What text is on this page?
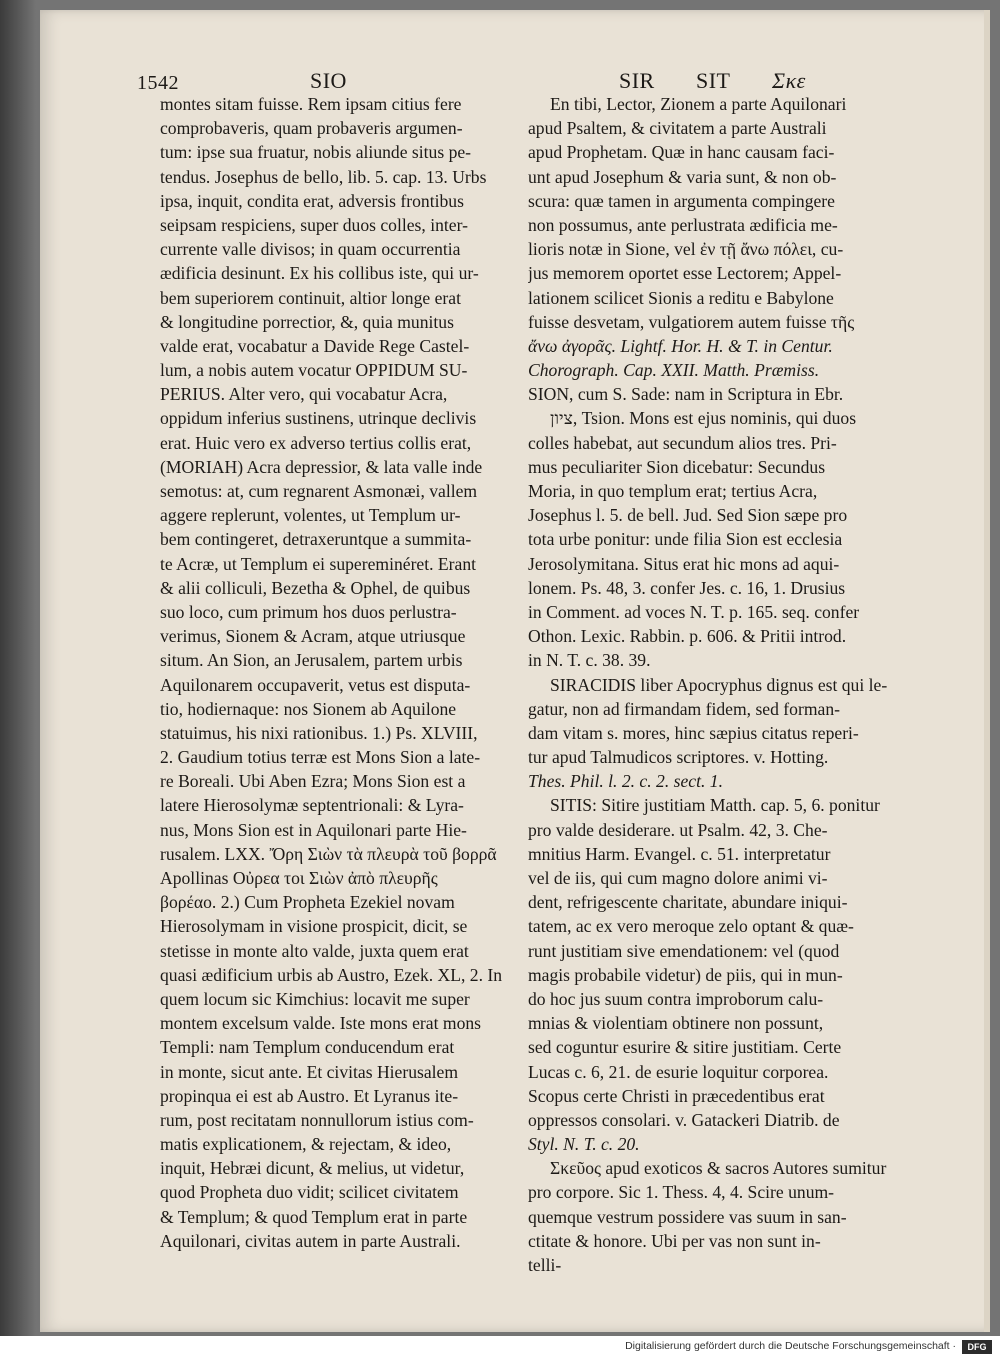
1542	SIO	SIR SIT Σκε
montes sitam fuisse. Rem ipsam citius fere
comprobaveris, quam probaveris argumen-
tum: ipse sua fruatur, nobis aliunde situs pe-
tendus. Josephus de bello, lib. 5. cap. 13. Urbs
ipsa, inquit, condita erat, adversis frontibus
seipsam respiciens, super duos colles, inter-
currente valle divisos; in quam occurrentia
ædificia desinunt. Ex his collibus iste, qui ur-
bem superiorem continuit, altior longe erat
& longitudine porrectior, &, quia munitus
valde erat, vocabatur a Davide Rege Castel-
lum, a nobis autem vocatur OPPIDUM SU-
PERIUS. Alter vero, qui vocabatur Acra,
oppidum inferius sustinens, utrinque declivis
erat. Huic vero ex adverso tertius collis erat,
(MORIAH) Acra depressior, & lata valle inde
semotus: at, cum regnarent Asmonæi, vallem
aggere replerunt, volentes, ut Templum ur-
bem contingeret, detraxeruntque a summita-
te Acræ, ut Templum ei supereminéret. Erant
& alii colliculi, Bezetha & Ophel, de quibus
suo loco, cum primum hos duos perlustra-
verimus, Sionem & Acram, atque utriusque
situm. An Sion, an Jerusalem, partem urbis
Aquilonarem occupaverit, vetus est disputa-
tio, hodiernaque: nos Sionem ab Aquilone
statuimus, his nixi rationibus. 1.) Ps. XLVIII,
2. Gaudium totius terræ est Mons Sion a late-
re Boreali. Ubi Aben Ezra; Mons Sion est a
latere Hierosolymæ septentrionali: & Lyra-
nus, Mons Sion est in Aquilonari parte Hie-
rusalem. LXX. Ὄρη Σιὼν τὰ πλευρὰ τοῦ βορρᾶ
Apollinas Οὐρεα τοι Σιὼν ἀπὸ πλευρῆς
βορέαο. 2.) Cum Propheta Ezekiel novam
Hierosolymam in visione prospicit, dicit, se
stetisse in monte alto valde, juxta quem erat
quasi ædificium urbis ab Austro, Ezek. XL, 2. In
quem locum sic Kimchius: locavit me super
montem excelsum valde. Iste mons erat mons
Templi: nam Templum conducendum erat
in monte, sicut ante. Et civitas Hierusalem
propinqua ei est ab Austro. Et Lyranus ite-
rum, post recitatam nonnullorum istius com-
matis explicationem, & rejectam, & ideo,
inquit, Hebræi dicunt, & melius, ut videtur,
quod Propheta duo vidit; scilicet civitatem
& Templum; & quod Templum erat in parte
Aquilonari, civitas autem in parte Australi.
En tibi, Lector, Zionem a parte Aquilonari
apud Psaltem, & civitatem a parte Australi
apud Prophetam. Quæ in hanc causam faci-
unt apud Josephum & varia sunt, & non ob-
scura: quæ tamen in argumenta compingere
non possumus, ante perlustrata ædificia me-
lioris notæ in Sione, vel ἐν τῇ ἄνω πόλει, cu-
jus memorem oportet esse Lectorem; Appel-
lationem scilicet Sionis a reditu e Babylone
fuisse desvetam, vulgatiorem autem fuisse τῆς
ἄνω ἀγορᾶς. Lightf. Hor. H. & T. in Centur.
Chorograph. Cap. XXII. Matth. Præmiss.
SION, cum S. Sade: nam in Scriptura in Ebr.
ציון, Tsion. Mons est ejus nominis, qui duos
colles habebat, aut secundum alios tres. Pri-
mus peculiariter Sion dicebatur: Secundus
Moria, in quo templum erat; tertius Acra,
Josephus l. 5. de bell. Jud. Sed Sion sæpe pro
tota urbe ponitur: unde filia Sion est ecclesia
Jerosolymitana. Situs erat hic mons ad aqui-
lonem. Ps. 48, 3. confer Jes. c. 16, 1. Drusius
in Comment. ad voces N. T. p. 165. seq. confer
Othon. Lexic. Rabbin. p. 606. & Pritii introd.
in N. T. c. 38. 39.
SIRACIDIS liber Apocryphus dignus est qui le-
gatur, non ad firmandam fidem, sed forman-
dam vitam s. mores, hinc sæpius citatus reperi-
tur apud Talmudicos scriptores. v. Hotting.
Thes. Phil. l. 2. c. 2. sect. 1.
SITIS: Sitire justitiam Matth. cap. 5, 6. ponitur
pro valde desiderare. ut Psalm. 42, 3. Che-
mnitius Harm. Evangel. c. 51. interpretatur
vel de iis, qui cum magno dolore animi vi-
dent, refrigescente charitate, abundare iniqui-
tatem, ac ex vero meroque zelo optant & quæ-
runt justitiam sive emendationem: vel (quod
magis probabile videtur) de piis, qui in mun-
do hoc jus suum contra improborum calu-
mnias & violentiam obtinere non possunt,
sed coguntur esurire & sitire justitiam. Certe
Lucas c. 6, 21. de esurie loquitur corporea.
Scopus certe Christi in præcedentibus erat
oppressos consolari. v. Gatackeri Diatrib. de
Styl. N. T. c. 20.
Σκεῦος apud exoticos & sacros Autores sumitur
pro corpore. Sic 1. Thess. 4, 4. Scire unum-
quemque vestrum possidere vas suum in san-
ctitate & honore. Ubi per vas non sunt in-
telli-
Digitalisierung gefördert durch die Deutsche Forschungsgemeinschaft ·	DFG
